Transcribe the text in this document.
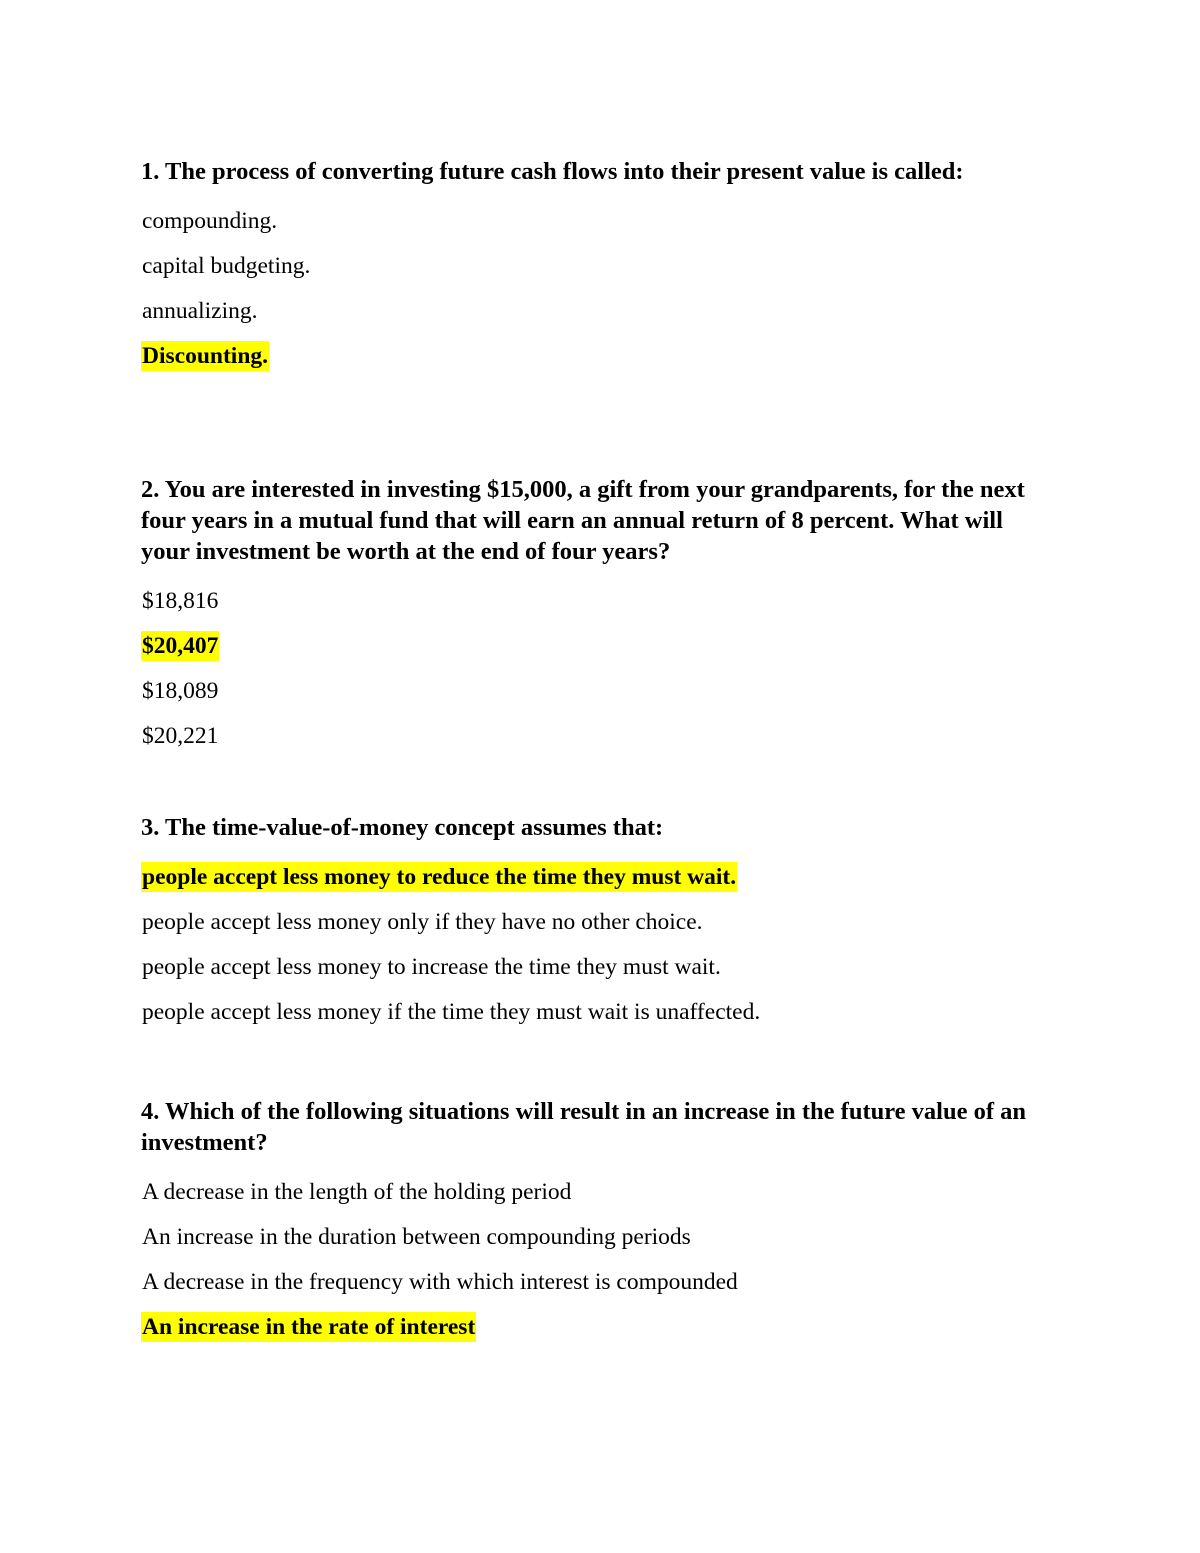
1. The process of converting future cash flows into their present value is called:

compounding.
capital budgeting.
annualizing.
Discounting.

2. You are interested in investing $15,000, a gift from your grandparents, for the next four years in a mutual fund that will earn an annual return of 8 percent. What will your investment be worth at the end of four years?

$18,816
$20,407
$18,089
$20,221

3. The time-value-of-money concept assumes that:

people accept less money to reduce the time they must wait.
people accept less money only if they have no other choice.
people accept less money to increase the time they must wait.
people accept less money if the time they must wait is unaffected.

4. Which of the following situations will result in an increase in the future value of an investment?

A decrease in the length of the holding period
An increase in the duration between compounding periods
A decrease in the frequency with which interest is compounded
An increase in the rate of interest
